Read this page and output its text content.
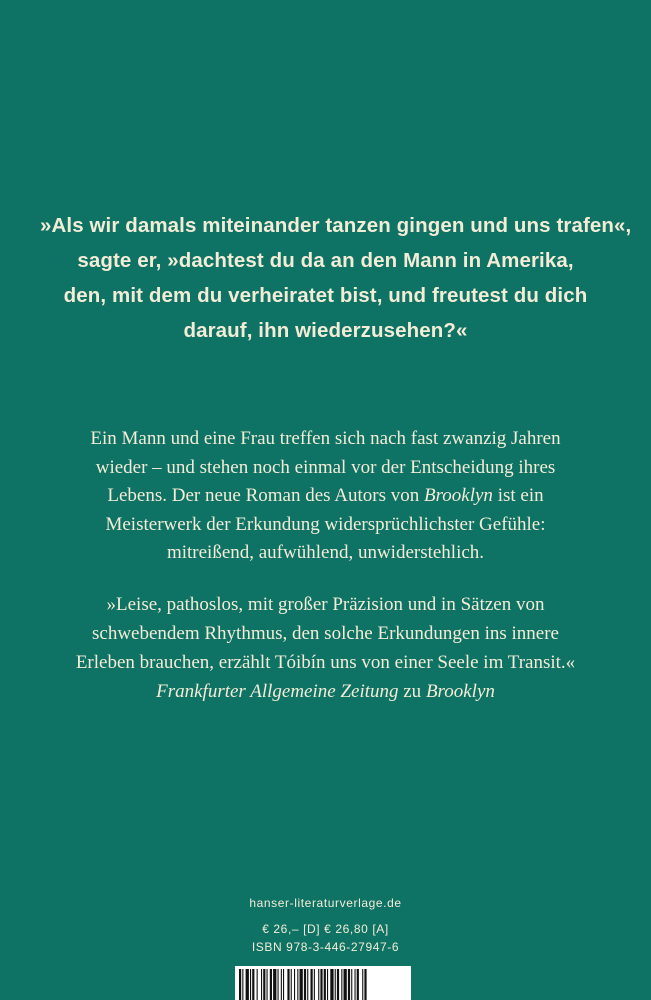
»Als wir damals miteinander tanzen gingen und uns trafen«,
sagte er, »dachtest du da an den Mann in Amerika,
den, mit dem du verheiratet bist, und freutest du dich
darauf, ihn wiederzusehen?«
Ein Mann und eine Frau treffen sich nach fast zwanzig Jahren
wieder – und stehen noch einmal vor der Entscheidung ihres
Lebens. Der neue Roman des Autors von Brooklyn ist ein
Meisterwerk der Erkundung widersprüchlichster Gefühle:
mitreißend, aufwühlend, unwiderstehlich.
»Leise, pathoslos, mit großer Präzision und in Sätzen von
schwebendem Rhythmus, den solche Erkundungen ins innere
Erleben brauchen, erzählt Tóibín uns von einer Seele im Transit.«
Frankfurter Allgemeine Zeitung zu Brooklyn
hanser-literaturverlage.de
€ 26,– [D] € 26,80 [A]
ISBN 978-3-446-27947-6
